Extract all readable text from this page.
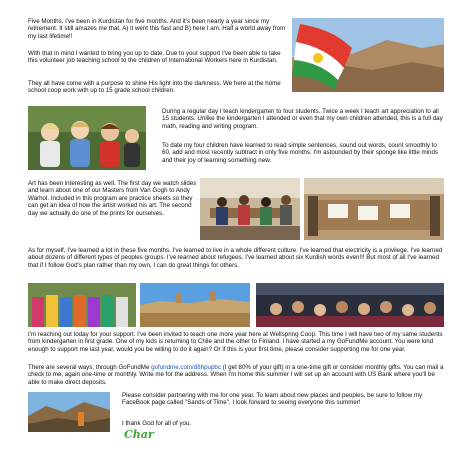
Five Months. I've been in Kurdistan for five months. And it's been nearly a year since my retirement. It still amazes me that, A) it went this fast and B) here I am. Half a world away from my last lifetime!!

With that in mind I wanted to bring you up to date. Due to your support I've been able to take this volunteer job teaching school to the children of International Workers here in Kurdistan.

They all have come with a purpose to shine His light into the darkness. We here at the home school coop work with up to 15 grade school children.

During a regular day I teach kindergarten to four students. Twice a week I teach art appreciation to all 15 students. Unlike the kindergarten I attended or even that my own children attended, this is a full day math, reading and writing program.

To date my four children have learned to read simple sentences, sound out words, count smoothly to 60, add and most recently subtract in only five months. I'm astounded by their sponge like little minds and their joy of learning something new.

Art has been interesting as well. The first day we watch slides and learn about one of our Masters from Van Gogh to Andy Warhol. Included in this program are practice sheets so they can get an idea of how the artist worked his art. The second day we actually do one of the prints for ourselves.

As for myself, I've learned a lot in these five months. I've learned to live in a whole different culture. I've learned that electricity is a privilege. I've learned about dozens of different types of peoples groups. I've learned about refugees. I've learned about six Kurdish words even!!! But most of all I've learned that if I follow God's plan rather than my own, I can do great things for others.

I'm reaching out today for your support. I've been invited to teach one more year here at Wellspring Coop. This time I will have two of my same students from kindergarten in first grade. One of my kids is returning to Chile and the other to Finland. I have started a my GoFundMe account. You were kind enough to support me last year, would you be willing to do it again? Or if this is your first time, please consider supporting me for one year.

There are several ways; through GoFundMe gofundme.com/d8hpupbc (I get 80% of your gift) in a one-time gift or consider monthly gifts. You can mail a check to me, again one-time or monthly. Write me for the address. When I'm home this summer I will set up an account with US Bank where you'll be able to make direct deposits.

Please consider partnering with me for one year. To learn about new places and peoples, be sure to follow my FaceBook page called "Sands of Time". I look forward to seeing everyone this summer!

I thank God for all of you.

Char
